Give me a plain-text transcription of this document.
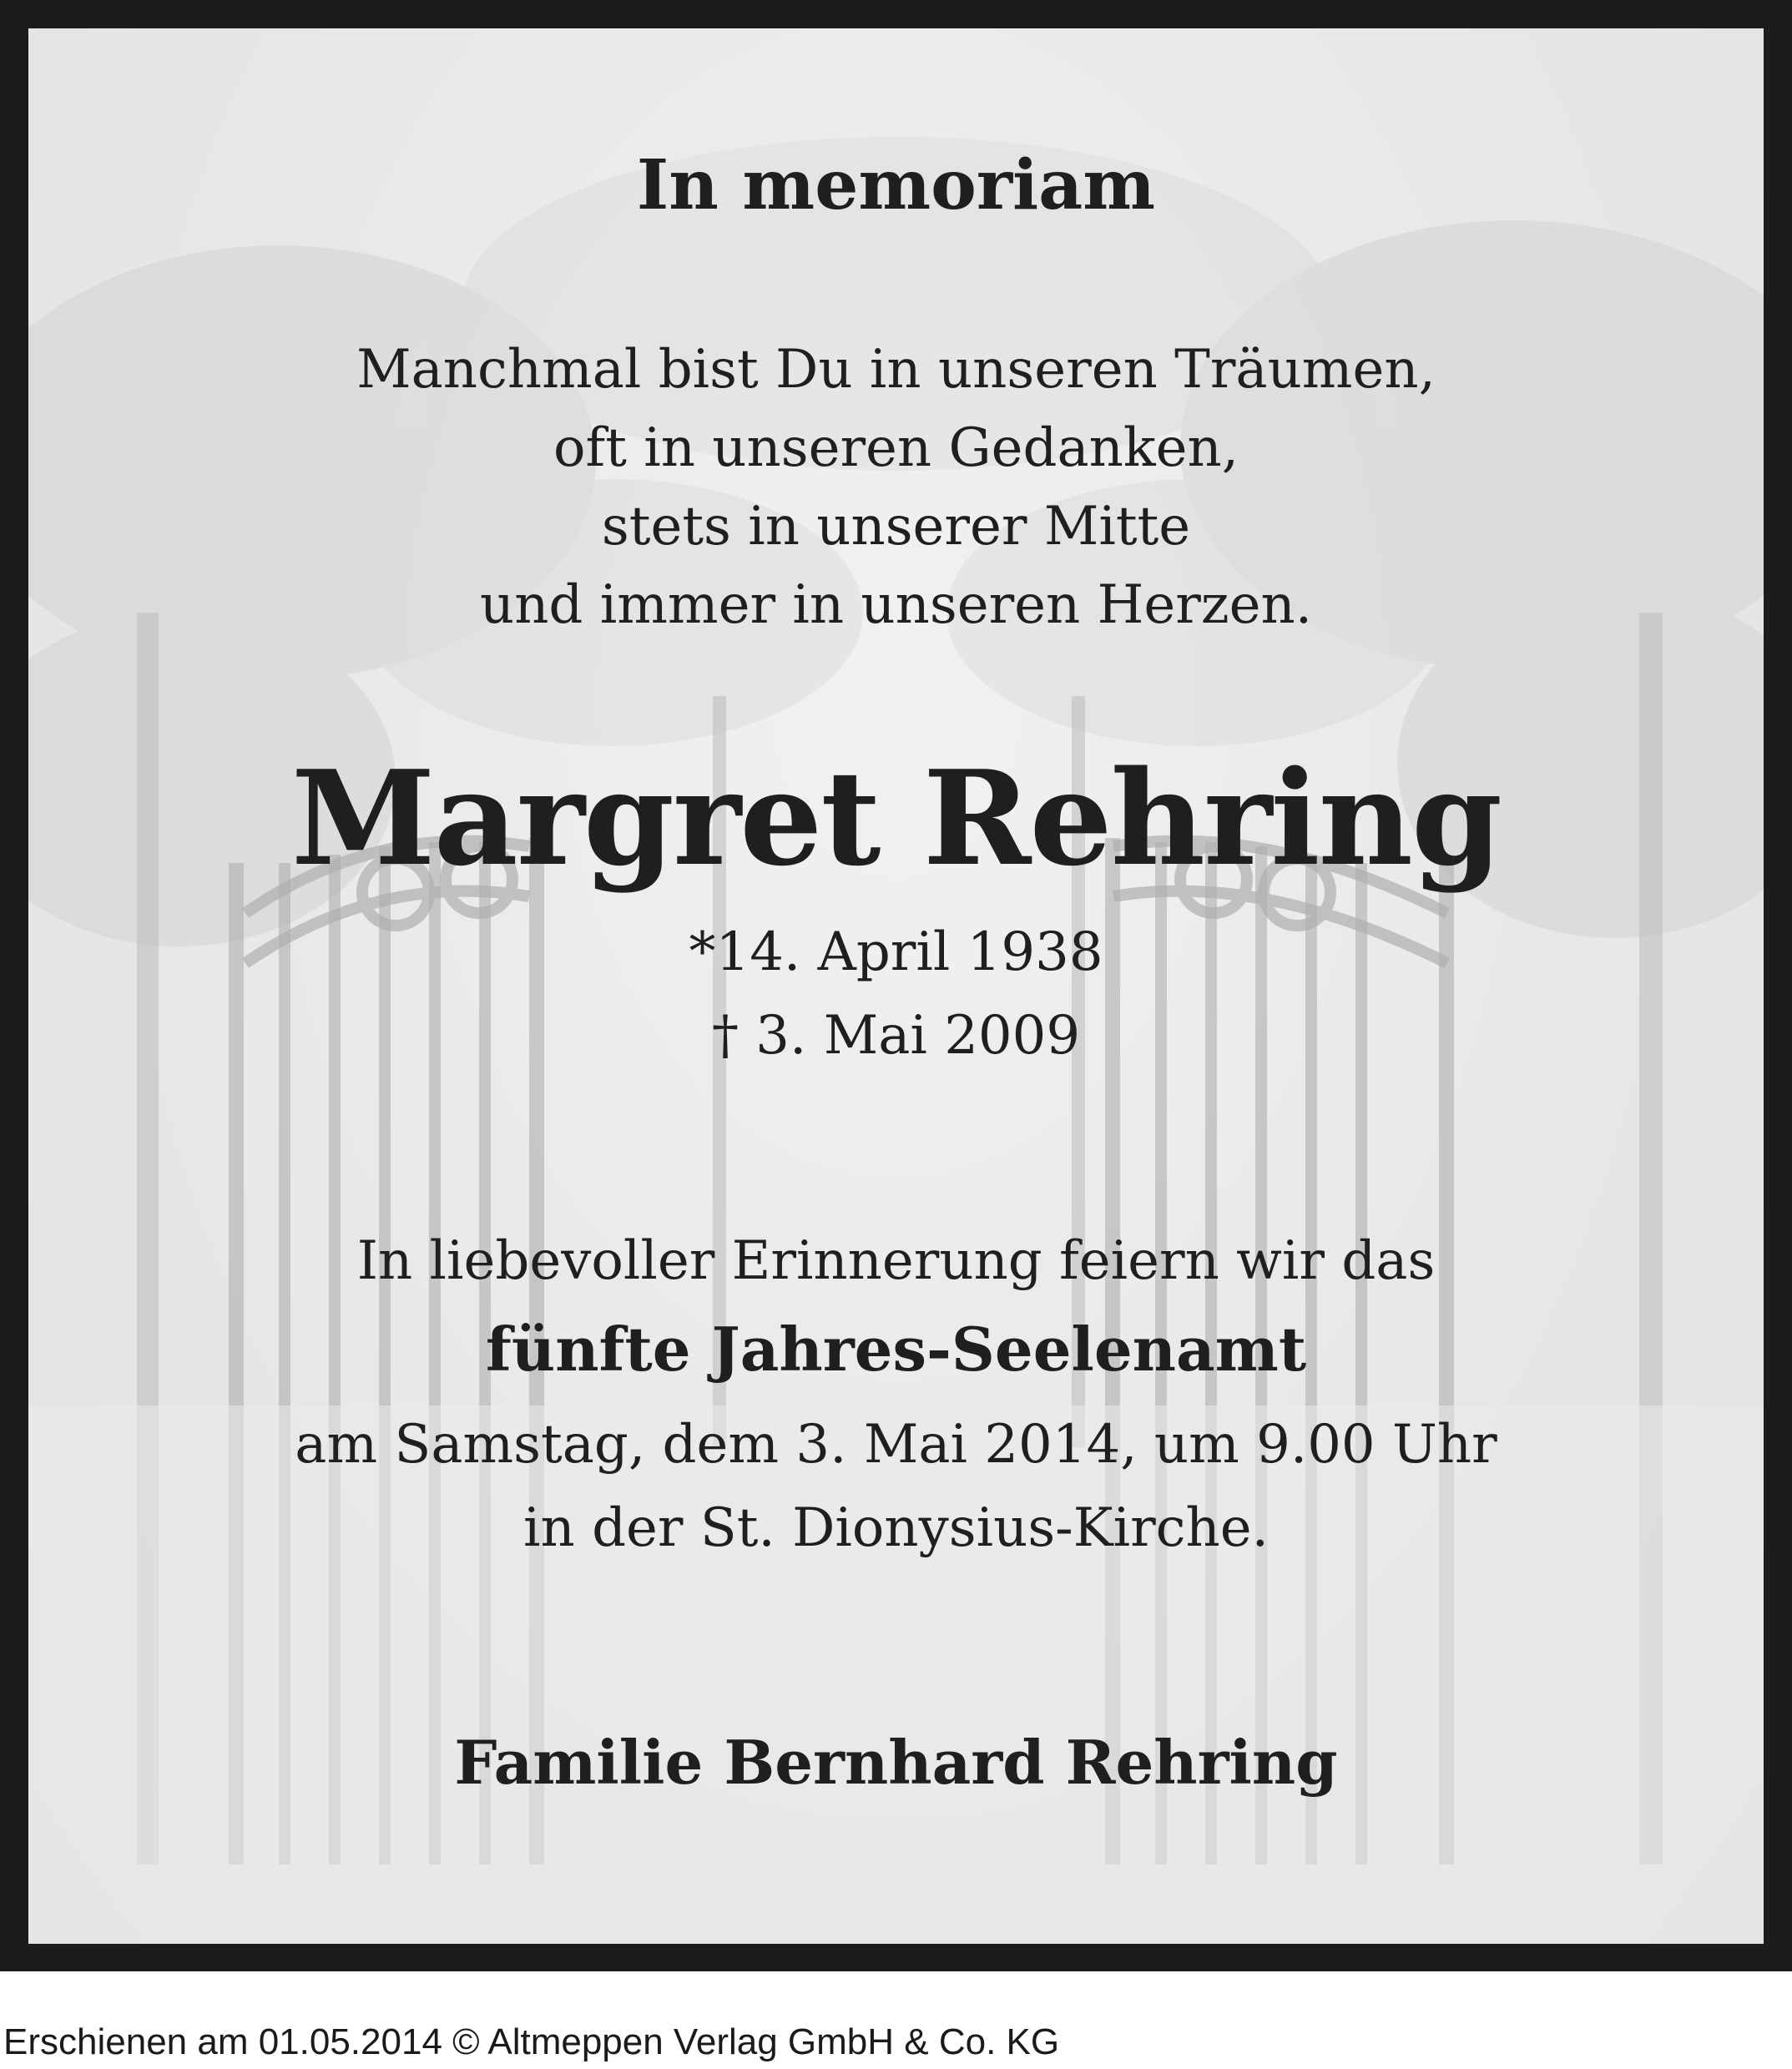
In memoriam
Manchmal bist Du in unseren Träumen,
oft in unseren Gedanken,
stets in unserer Mitte
und immer in unseren Herzen.
Margret Rehring
*14. April 1938
† 3. Mai 2009
In liebevoller Erinnerung feiern wir das
fünfte Jahres-Seelenamt
am Samstag, dem 3. Mai 2014, um 9.00 Uhr
in der St. Dionysius-Kirche.
Familie Bernhard Rehring
Erschienen am 01.05.2014 © Altmeppen Verlag GmbH & Co. KG
